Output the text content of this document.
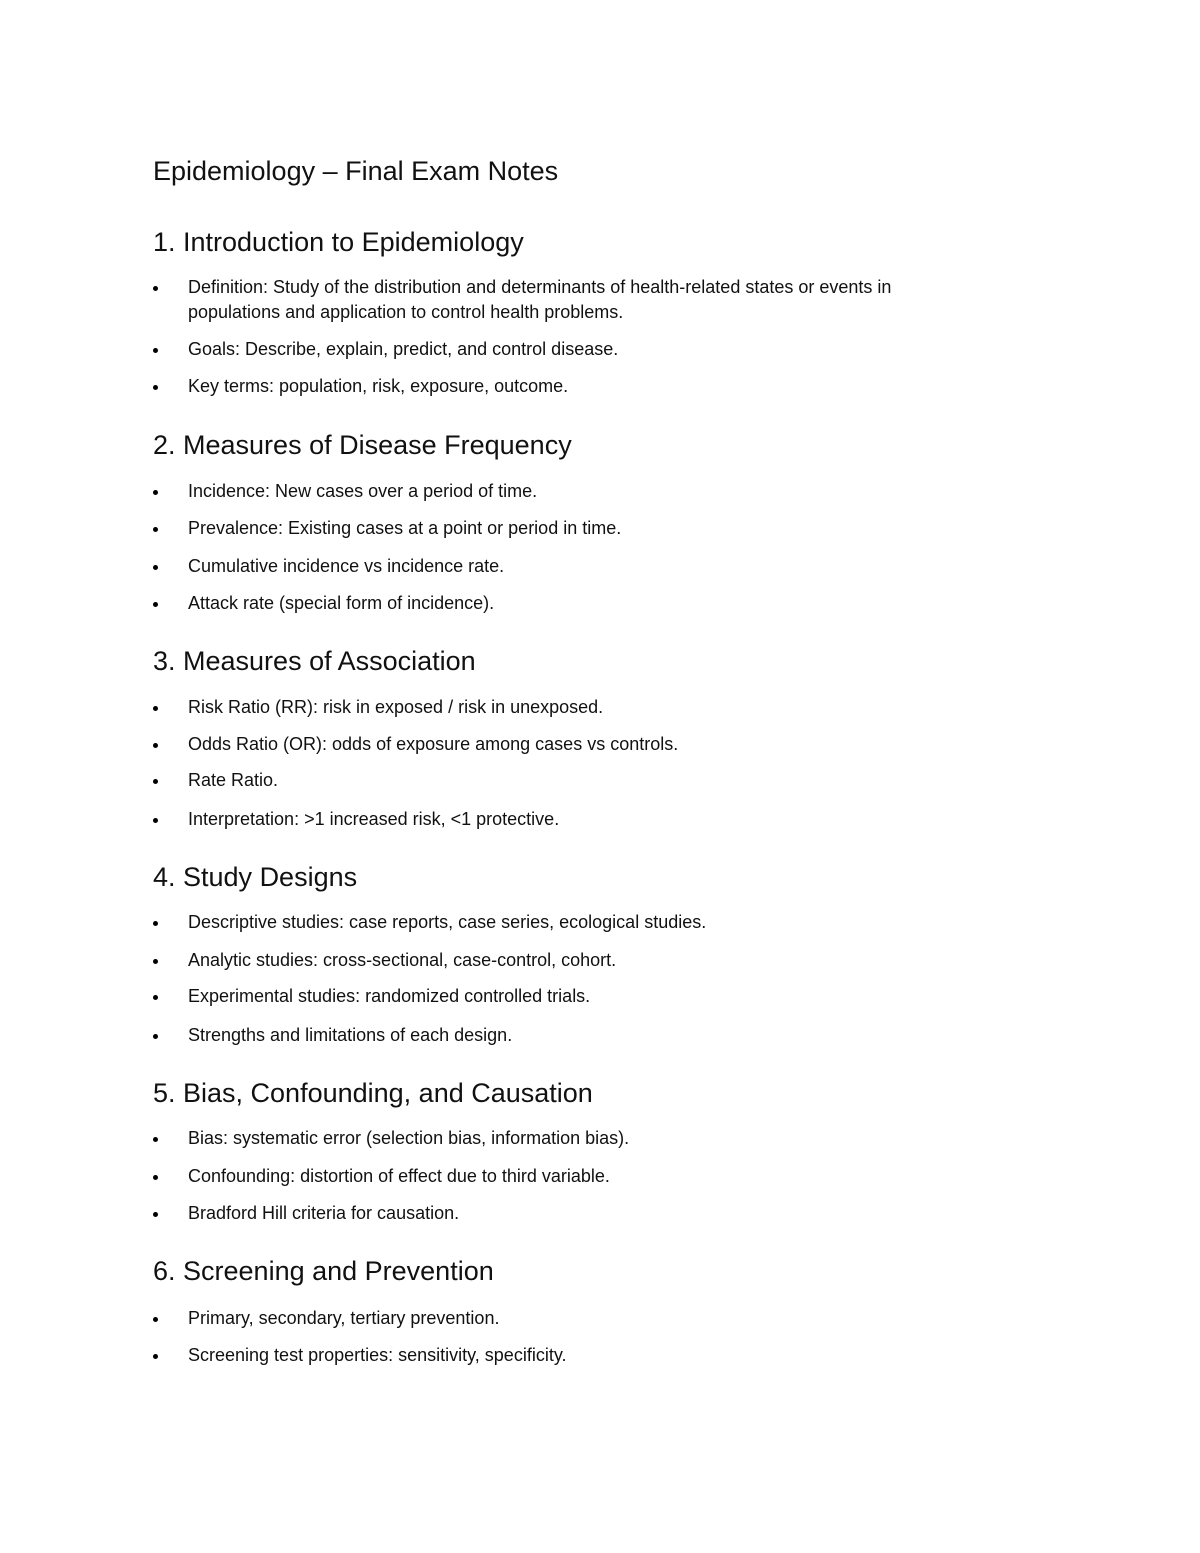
Epidemiology – Final Exam Notes
1. Introduction to Epidemiology
Definition: Study of the distribution and determinants of health-related states or events in populations and application to control health problems.
Goals: Describe, explain, predict, and control disease.
Key terms: population, risk, exposure, outcome.
2. Measures of Disease Frequency
Incidence: New cases over a period of time.
Prevalence: Existing cases at a point or period in time.
Cumulative incidence vs incidence rate.
Attack rate (special form of incidence).
3. Measures of Association
Risk Ratio (RR): risk in exposed / risk in unexposed.
Odds Ratio (OR): odds of exposure among cases vs controls.
Rate Ratio.
Interpretation: >1 increased risk, <1 protective.
4. Study Designs
Descriptive studies: case reports, case series, ecological studies.
Analytic studies: cross-sectional, case-control, cohort.
Experimental studies: randomized controlled trials.
Strengths and limitations of each design.
5. Bias, Confounding, and Causation
Bias: systematic error (selection bias, information bias).
Confounding: distortion of effect due to third variable.
Bradford Hill criteria for causation.
6. Screening and Prevention
Primary, secondary, tertiary prevention.
Screening test properties: sensitivity, specificity.
